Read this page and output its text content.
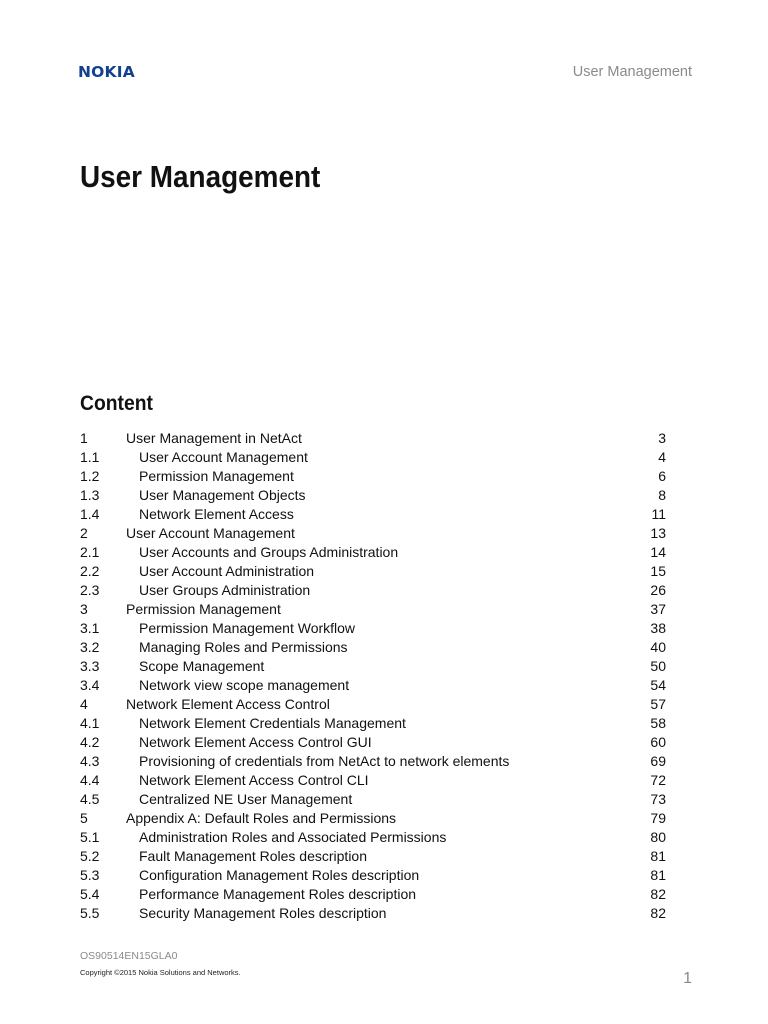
NOKIA	User Management
User Management
Content
1	User Management in NetAct	3
1.1	User Account Management	4
1.2	Permission Management	6
1.3	User Management Objects	8
1.4	Network Element Access	11
2	User Account Management	13
2.1	User Accounts and Groups Administration	14
2.2	User Account Administration	15
2.3	User Groups Administration	26
3	Permission Management	37
3.1	Permission Management Workflow	38
3.2	Managing Roles and Permissions	40
3.3	Scope Management	50
3.4	Network view scope management	54
4	Network Element Access Control	57
4.1	Network Element Credentials Management	58
4.2	Network Element Access Control GUI	60
4.3	Provisioning of credentials from NetAct to network elements	69
4.4	Network Element Access Control CLI	72
4.5	Centralized NE User Management	73
5	Appendix A: Default Roles and Permissions	79
5.1	Administration Roles and Associated Permissions	80
5.2	Fault Management Roles description	81
5.3	Configuration Management Roles description	81
5.4	Performance Management Roles description	82
5.5	Security Management Roles description	82
OS90514EN15GLA0
Copyright ©2015 Nokia Solutions and Networks.	1
